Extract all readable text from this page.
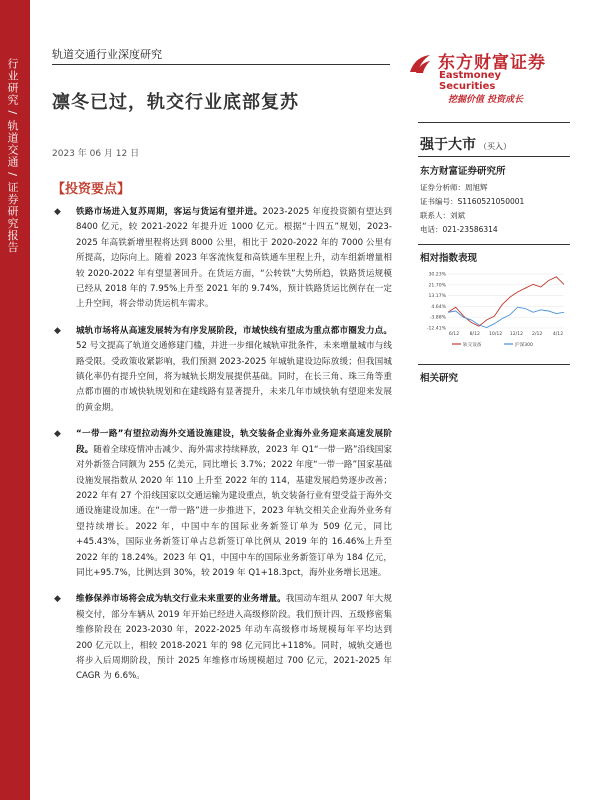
行业研究 / 轨道交通 / 证券研究报告
轨道交通行业深度研究
凛冬已过，轨交行业底部复苏
2023 年 06 月 12 日
【投资要点】
◆ 铁路市场进入复苏周期，客运与货运有望并进。2023-2025 年度投资额有望达到 8400 亿元，较 2021-2022 年提升近 1000 亿元。根据“十四五”规划，2023-2025 年高铁新增里程将达到 8000 公里，相比于 2020-2022 年的 7000 公里有所提高，边际向上。随着 2023 年客流恢复和高铁通车里程上升，动车组新增量相较 2020-2022 年有望显著回升。在货运方面，“公转铁”大势所趋，铁路货运规模已经从 2018 年的 7.95%上升至 2021 年的 9.74%，预计铁路货运比例存在一定上升空间，将会带动货运机车需求。
◆ 城轨市场将从高速发展转为有序发展阶段，市域快线有望成为重点都市圈发力点。52 号文提高了轨道交通修建门槛，并进一步细化城轨审批条件，未来增量城市与线路受限。受政策收紧影响，我们预测 2023-2025 年城轨建设边际放缓；但我国城镇化率仍有提升空间，将为城轨长期发展提供基础。同时，在长三角、珠三角等重点都市圈的市域快轨规划和在建线路有显著提升，未来几年市域快轨有望迎来发展的黄金期。
◆ “一带一路”有望拉动海外交通设施建设，轨交装备企业海外业务迎来高速发展阶段。随着全球疫情冲击减少、海外需求持续释放，2023 年 Q1“一带一路”沿线国家对外新签合同额为 255 亿美元，同比增长 3.7%；2022 年度“一带一路”国家基础设施发展指数从 2020 年 110 上升至 2022 年的 114，基建发展趋势逐步改善；2022 年有 27 个沿线国家以交通运输为建设重点，轨交装备行业有望受益于海外交通设施建设加速。在“一带一路”进一步推进下，2023 年轨交相关企业海外业务有望持续增长。2022 年，中国中车的国际业务新签订单为 509 亿元，同比+45.43%，国际业务新签订单占总新签订单比例从 2019 年的 16.46%上升至 2022 年的 18.24%。2023 年 Q1，中国中车的国际业务新签订单为 184 亿元，同比+95.7%，比例达到 30%，较 2019 年 Q1+18.3pct，海外业务增长迅速。
◆ 维修保养市场将会成为轨交行业未来重要的业务增量。我国动车组从 2007 年大规模交付，部分车辆从 2019 年开始已经进入高级修阶段。我们预计四、五级修密集维修阶段在 2023-2030 年，2022-2025 年动车高级修市场规模每年平均达到 200 亿元以上，相较 2018-2021 年的 98 亿元同比+118%。同时，城轨交通也将步入后周期阶段，预计 2025 年维修市场规模超过 700 亿元，2021-2025 年 CAGR 为 6.6%。
东方财富证券
Eastmoney Securities
挖掘价值 投资成长
强于大市 （买入）
东方财富证券研究所
证券分析师：周旭辉
证书编号：S1160521050001
联系人：刘斌
电话：021-23586314
相对指数表现
30.23%
21.70%
13.17%
4.64%
-3.88%
-12.41%
6/12 8/12 10/12 12/12 2/12 4/12
轨交设备	沪深300
相关研究
